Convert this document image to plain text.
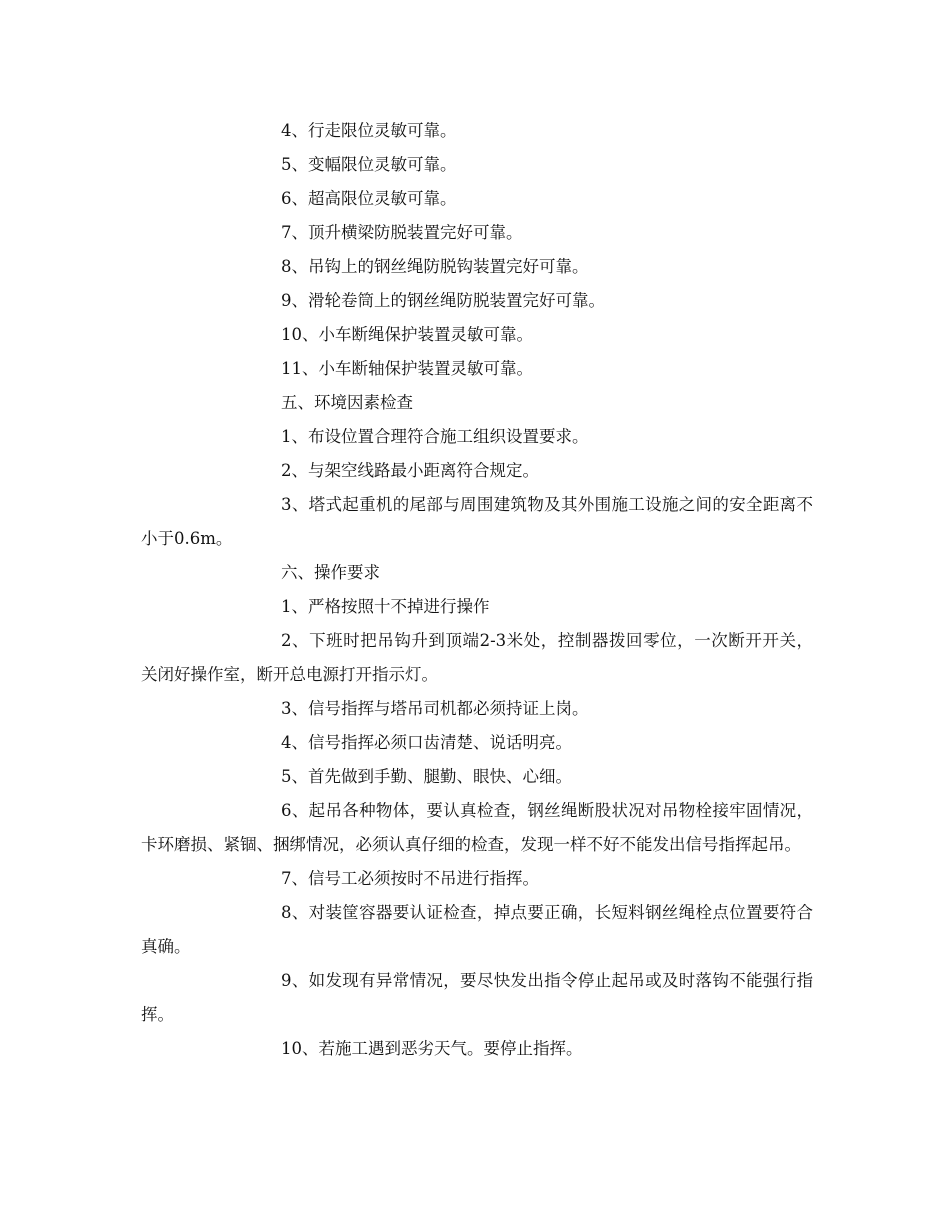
4、行走限位灵敏可靠。

5、变幅限位灵敏可靠。

6、超高限位灵敏可靠。

7、顶升横梁防脱装置完好可靠。

8、吊钩上的钢丝绳防脱钩装置完好可靠。

9、滑轮卷筒上的钢丝绳防脱装置完好可靠。

10、小车断绳保护装置灵敏可靠。

11、小车断轴保护装置灵敏可靠。

五、环境因素检查

1、布设位置合理符合施工组织设置要求。

2、与架空线路最小距离符合规定。

3、塔式起重机的尾部与周围建筑物及其外围施工设施之间的安全距离不小于0.6m。

六、操作要求

1、严格按照十不掉进行操作

2、下班时把吊钩升到顶端2-3米处，控制器拨回零位，一次断开开关，关闭好操作室，断开总电源打开指示灯。

3、信号指挥与塔吊司机都必须持证上岗。

4、信号指挥必须口齿清楚、说话明亮。

5、首先做到手勤、腿勤、眼快、心细。

6、起吊各种物体，要认真检查，钢丝绳断股状况对吊物栓接牢固情况，卡环磨损、紧锢、捆绑情况，必须认真仔细的检查，发现一样不好不能发出信号指挥起吊。

7、信号工必须按时不吊进行指挥。

8、对装筐容器要认证检查，掉点要正确，长短料钢丝绳栓点位置要符合真确。

9、如发现有异常情况，要尽快发出指令停止起吊或及时落钩不能强行指挥。

10、若施工遇到恶劣天气。要停止指挥。
